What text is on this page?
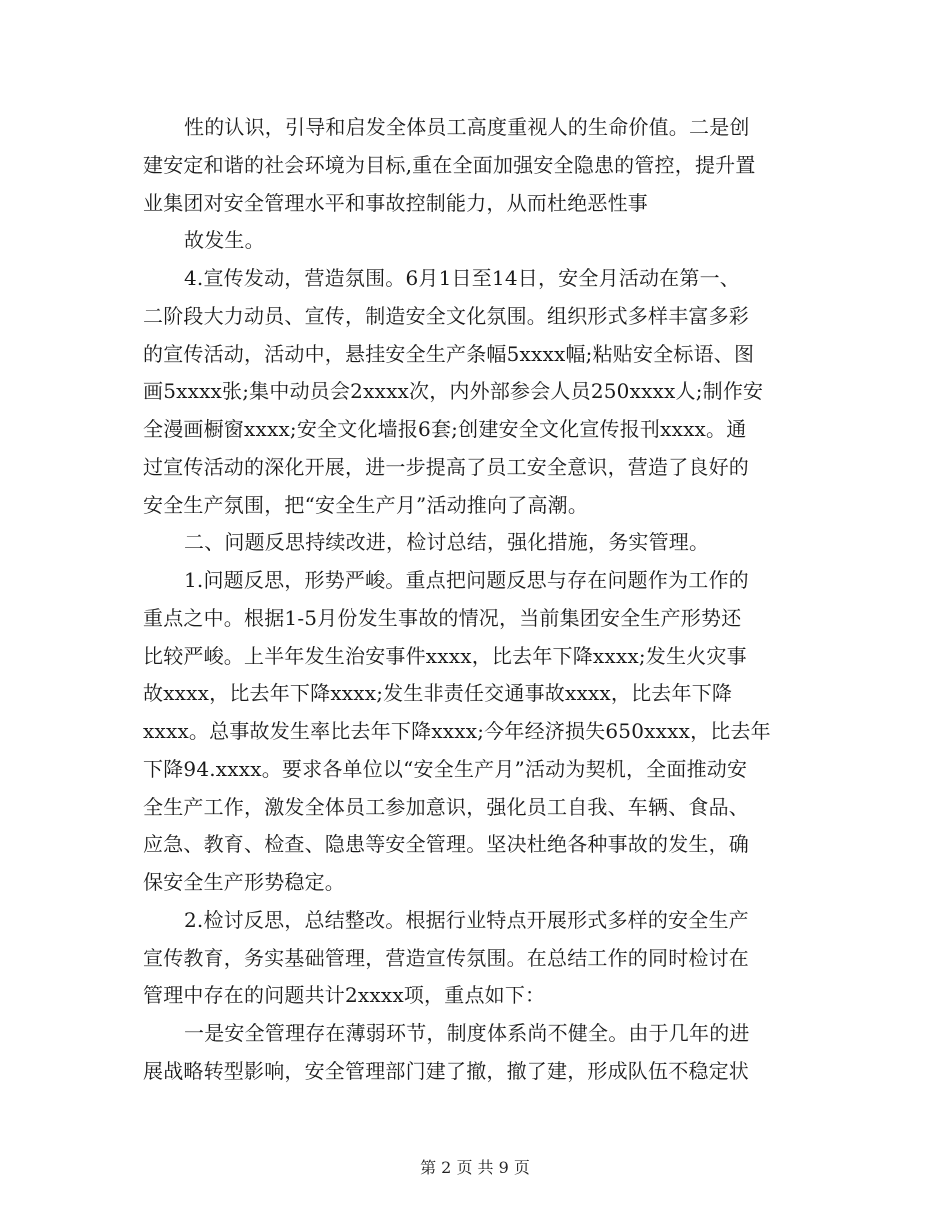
性的认识，引导和启发全体员工高度重视人的生命价值。二是创
建安定和谐的社会环境为目标,重在全面加强安全隐患的管控，提升置
业集团对安全管理水平和事故控制能力，从而杜绝恶性事
故发生。
4.宣传发动，营造氛围。6月1日至14日，安全月活动在第一、
二阶段大力动员、宣传，制造安全文化氛围。组织形式多样丰富多彩
的宣传活动，活动中，悬挂安全生产条幅5xxxx幅;粘贴安全标语、图
画5xxxx张;集中动员会2xxxx次，内外部参会人员250xxxx人;制作安
全漫画橱窗xxxx;安全文化墙报6套;创建安全文化宣传报刊xxxx。通
过宣传活动的深化开展，进一步提高了员工安全意识，营造了良好的
安全生产氛围，把“安全生产月”活动推向了高潮。
二、问题反思持续改进，检讨总结，强化措施，务实管理。
1.问题反思，形势严峻。重点把问题反思与存在问题作为工作的
重点之中。根据1-5月份发生事故的情况，当前集团安全生产形势还
比较严峻。上半年发生治安事件xxxx，比去年下降xxxx;发生火灾事
故xxxx，比去年下降xxxx;发生非责任交通事故xxxx，比去年下降
xxxx。总事故发生率比去年下降xxxx;今年经济损失650xxxx，比去年
下降94.xxxx。要求各单位以“安全生产月”活动为契机，全面推动安
全生产工作，激发全体员工参加意识，强化员工自我、车辆、食品、
应急、教育、检查、隐患等安全管理。坚决杜绝各种事故的发生，确
保安全生产形势稳定。
2.检讨反思，总结整改。根据行业特点开展形式多样的安全生产
宣传教育，务实基础管理，营造宣传氛围。在总结工作的同时检讨在
管理中存在的问题共计2xxxx项，重点如下：
一是安全管理存在薄弱环节，制度体系尚不健全。由于几年的进
展战略转型影响，安全管理部门建了撤，撤了建，形成队伍不稳定状
第 2 页 共 9 页
